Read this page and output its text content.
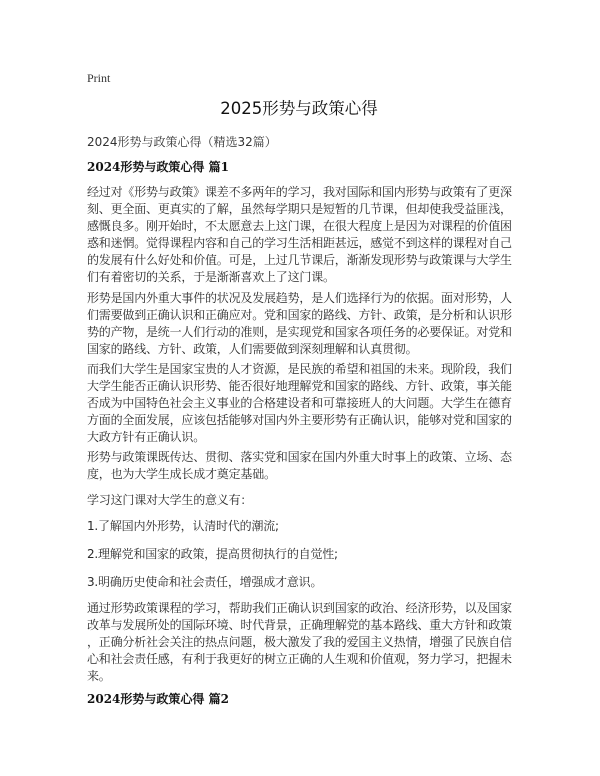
Print
2025形势与政策心得
2024形势与政策心得（精选32篇）
2024形势与政策心得 篇1
经过对《形势与政策》课差不多两年的学习，我对国际和国内形势与政策有了更深
刻、更全面、更真实的了解，虽然每学期只是短暂的几节课，但却使我受益匪浅，
感慨良多。刚开始时，不太愿意去上这门课，在很大程度上是因为对课程的价值困
惑和迷惘。觉得课程内容和自己的学习生活相距甚远，感觉不到这样的课程对自己
的发展有什么好处和价值。可是，上过几节课后，渐渐发现形势与政策课与大学生
们有着密切的关系，于是渐渐喜欢上了这门课。
形势是国内外重大事件的状况及发展趋势，是人们选择行为的依据。面对形势，人
们需要做到正确认识和正确应对。党和国家的路线、方针、政策，是分析和认识形
势的产物，是统一人们行动的准则，是实现党和国家各项任务的必要保证。对党和
国家的路线、方针、政策，人们需要做到深刻理解和认真贯彻。
而我们大学生是国家宝贵的人才资源，是民族的希望和祖国的未来。现阶段，我们
大学生能否正确认识形势、能否很好地理解党和国家的路线、方针、政策，事关能
否成为中国特色社会主义事业的合格建设者和可靠接班人的大问题。大学生在德育
方面的全面发展，应该包括能够对国内外主要形势有正确认识，能够对党和国家的
大政方针有正确认识。
形势与政策课既传达、贯彻、落实党和国家在国内外重大时事上的政策、立场、态
度，也为大学生成长成才奠定基础。
学习这门课对大学生的意义有：
1.了解国内外形势，认清时代的潮流;
2.理解党和国家的政策，提高贯彻执行的自觉性;
3.明确历史使命和社会责任，增强成才意识。
通过形势政策课程的学习，帮助我们正确认识到国家的政治、经济形势，以及国家
改革与发展所处的国际环境、时代背景，正确理解党的基本路线、重大方针和政策
，正确分析社会关注的热点问题，极大激发了我的爱国主义热情，增强了民族自信
心和社会责任感，有利于我更好的树立正确的人生观和价值观，努力学习，把握未
来。
2024形势与政策心得 篇2
